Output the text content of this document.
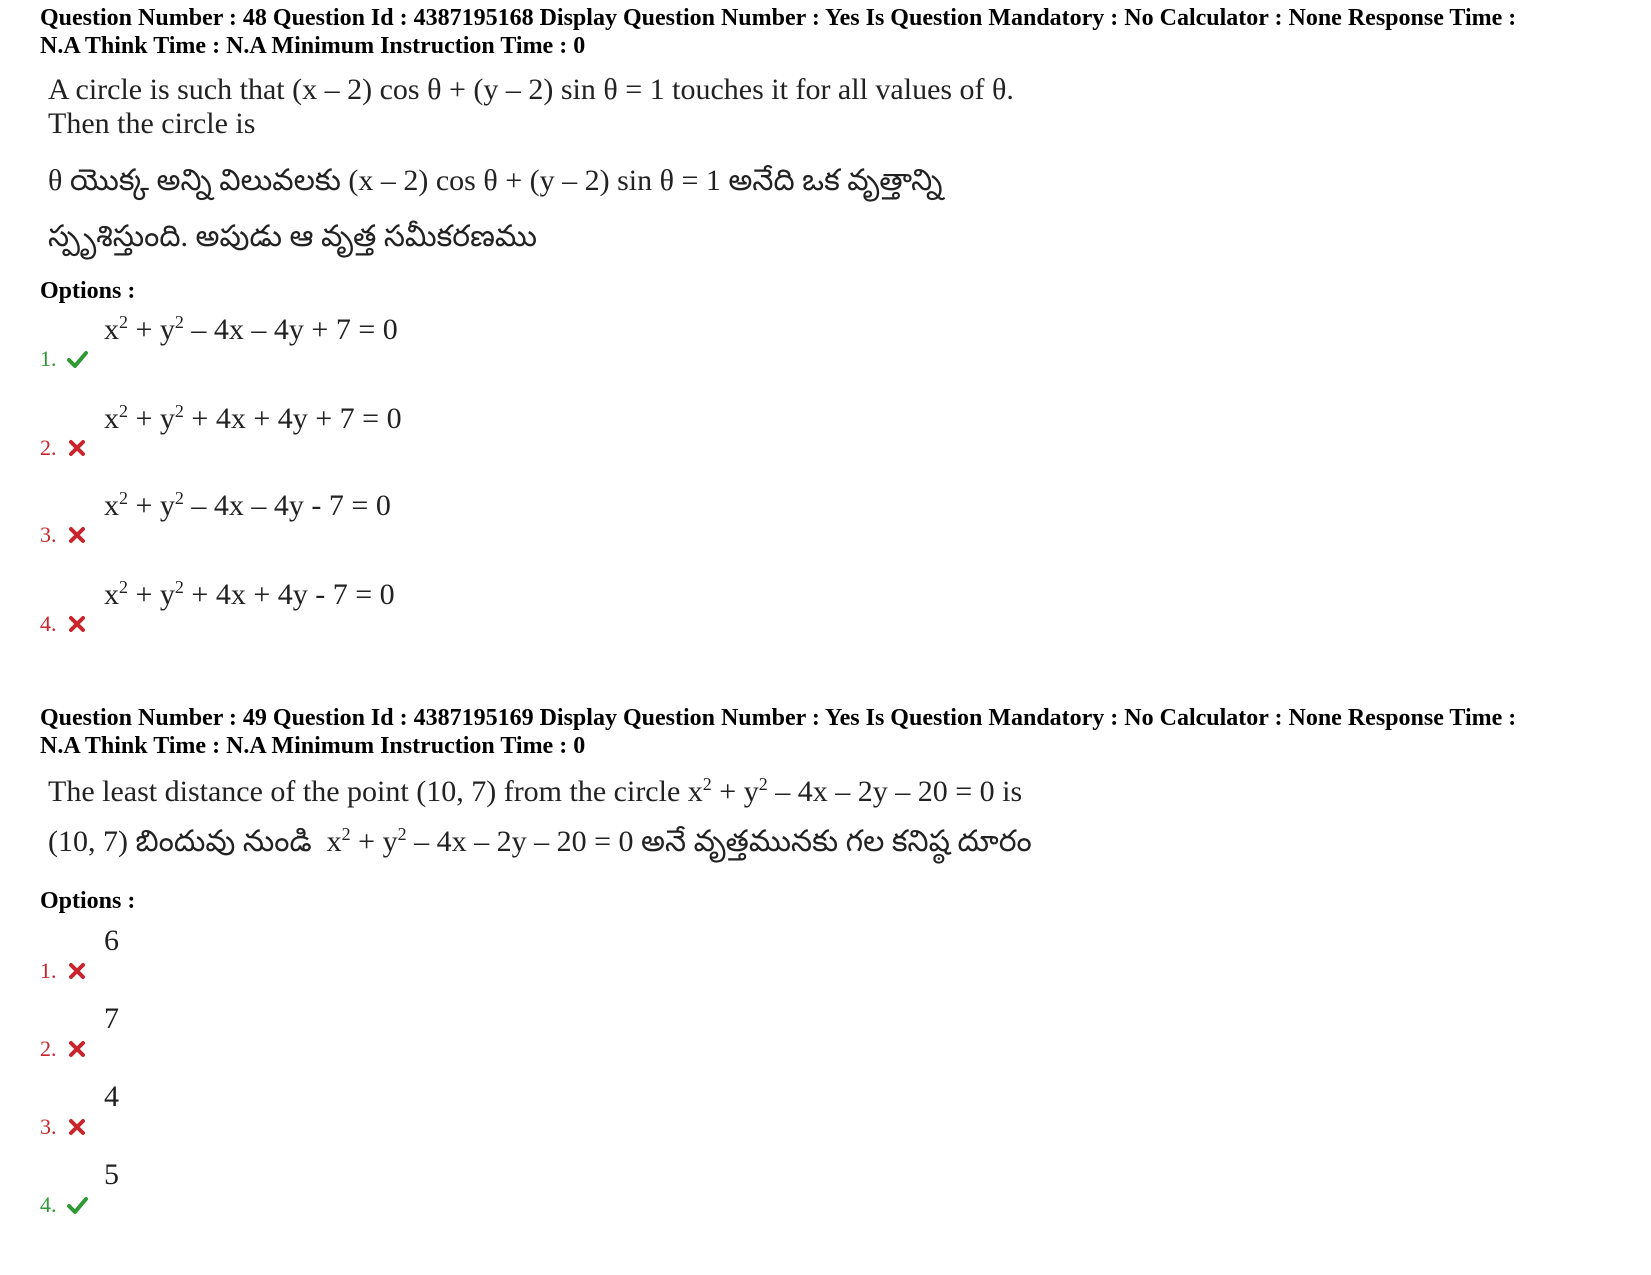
Question Number : 48 Question Id : 4387195168 Display Question Number : Yes Is Question Mandatory : No Calculator : None Response Time :

N.A Think Time : N.A Minimum Instruction Time : 0

A circle is such that (x – 2) cos θ + (y – 2) sin θ = 1 touches it for all values of θ.
Then the circle is
θ యొక్క అన్ని విలువలకు (x – 2) cos θ + (y – 2) sin θ = 1 అనేది ఒక వృత్తాన్ని
స్పృశిస్తుంది. అపుడు ఆ వృత్త సమీకరణము
Options :
1.
$x^2 + y^2 - 4x - 4y + 7 = 0$
2.
$x^2 + y^2 + 4x + 4y + 7 = 0$
3.
$x^2 + y^2 - 4x - 4y - 7 = 0$
4.
$x^2 + y^2 + 4x + 4y - 7 = 0$

Question Number : 49 Question Id : 4387195169 Display Question Number : Yes Is Question Mandatory : No Calculator : None Response Time :

N.A Think Time : N.A Minimum Instruction Time : 0

The least distance of the point (10, 7) from the circle $x^2 + y^2 - 4x - 2y - 20 = 0$ is
(10, 7) బిందువు నుండి  $x^2 + y^2 - 4x - 2y - 20 = 0$ అనే వృత్తమునకు గల కనిష్ఠ దూరం
Options :
1.
6
2.
7
3.
4
4.
5
